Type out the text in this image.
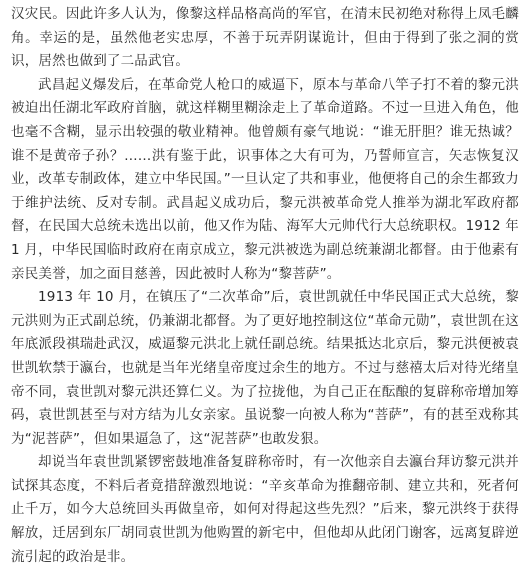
汉灾民。因此许多人认为，像黎这样品格高尚的军官，在清末民初绝对称得上凤毛麟角。幸运的是，虽然他老实忠厚，不善于玩弄阴谋诡计，但由于得到了张之洞的赏识，居然也做到了二品武官。

武昌起义爆发后，在革命党人枪口的威逼下，原本与革命八竿子打不着的黎元洪被迫出任湖北军政府首脑，就这样糊里糊涂走上了革命道路。不过一旦进入角色，他也毫不含糊，显示出较强的敬业精神。他曾颇有豪气地说：“谁无肝胆？谁无热诚？谁不是黄帝子孙？……洪有鉴于此，识事体之大有可为，乃誓师宣言，矢志恢复汉业，改革专制政体，建立中华民国。”一旦认定了共和事业，他便将自己的余生都致力于维护法统、反对专制。武昌起义成功后，黎元洪被革命党人推举为湖北军政府都督，在民国大总统未选出以前，他又作为陆、海军大元帅代行大总统职权。1912 年 1 月，中华民国临时政府在南京成立，黎元洪被选为副总统兼湖北都督。由于他素有亲民美誉，加之面目慈善，因此被时人称为“黎菩萨”。

1913 年 10 月，在镇压了“二次革命”后，袁世凯就任中华民国正式大总统，黎元洪则为正式副总统，仍兼湖北都督。为了更好地控制这位“革命元勋”，袁世凯在这年底派段祺瑞赴武汉，威逼黎元洪北上就任副总统。结果抵达北京后，黎元洪便被袁世凯软禁于瀛台，也就是当年光绪皇帝度过余生的地方。不过与慈禧太后对待光绪皇帝不同，袁世凯对黎元洪还算仁义。为了拉拢他，为自己正在酝酿的复辟称帝增加筹码，袁世凯甚至与对方结为儿女亲家。虽说黎一向被人称为“菩萨”，有的甚至戏称其为“泥菩萨”，但如果逼急了，这“泥菩萨”也敢发狠。

却说当年袁世凯紧锣密鼓地准备复辟称帝时，有一次他亲自去瀛台拜访黎元洪并试探其态度，不料后者竟措辞激烈地说：“辛亥革命为推翻帝制、建立共和，死者何止千万，如今大总统回头再做皇帝，如何对得起这些先烈？”后来，黎元洪终于获得解放，迁居到东厂胡同袁世凯为他购置的新宅中，但他却从此闭门谢客，远离复辟逆流引起的政治是非。
